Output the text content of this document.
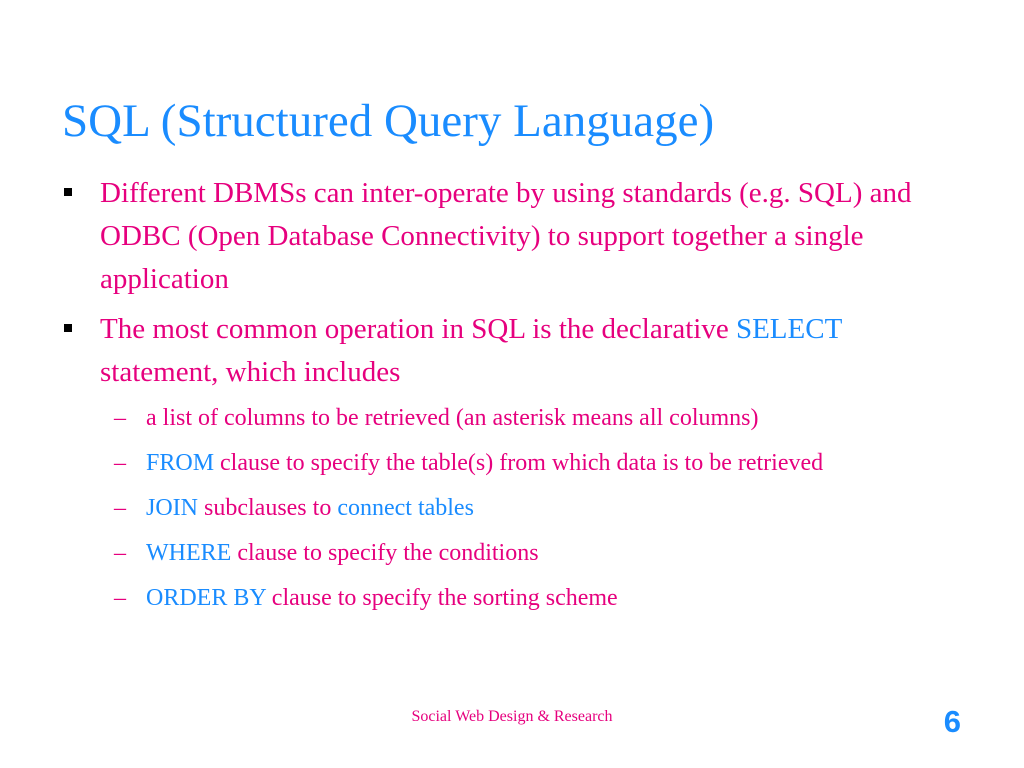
SQL (Structured Query Language)
Different DBMSs can inter-operate by using standards (e.g. SQL) and ODBC (Open Database Connectivity) to support together a single application
The most common operation in SQL is the declarative SELECT statement, which includes
– a list of columns to be retrieved (an asterisk means all columns)
– FROM clause to specify the table(s) from which data is to be retrieved
– JOIN subclauses to connect tables
– WHERE clause to specify the conditions
– ORDER BY clause to specify the sorting scheme
Social Web Design & Research	6
